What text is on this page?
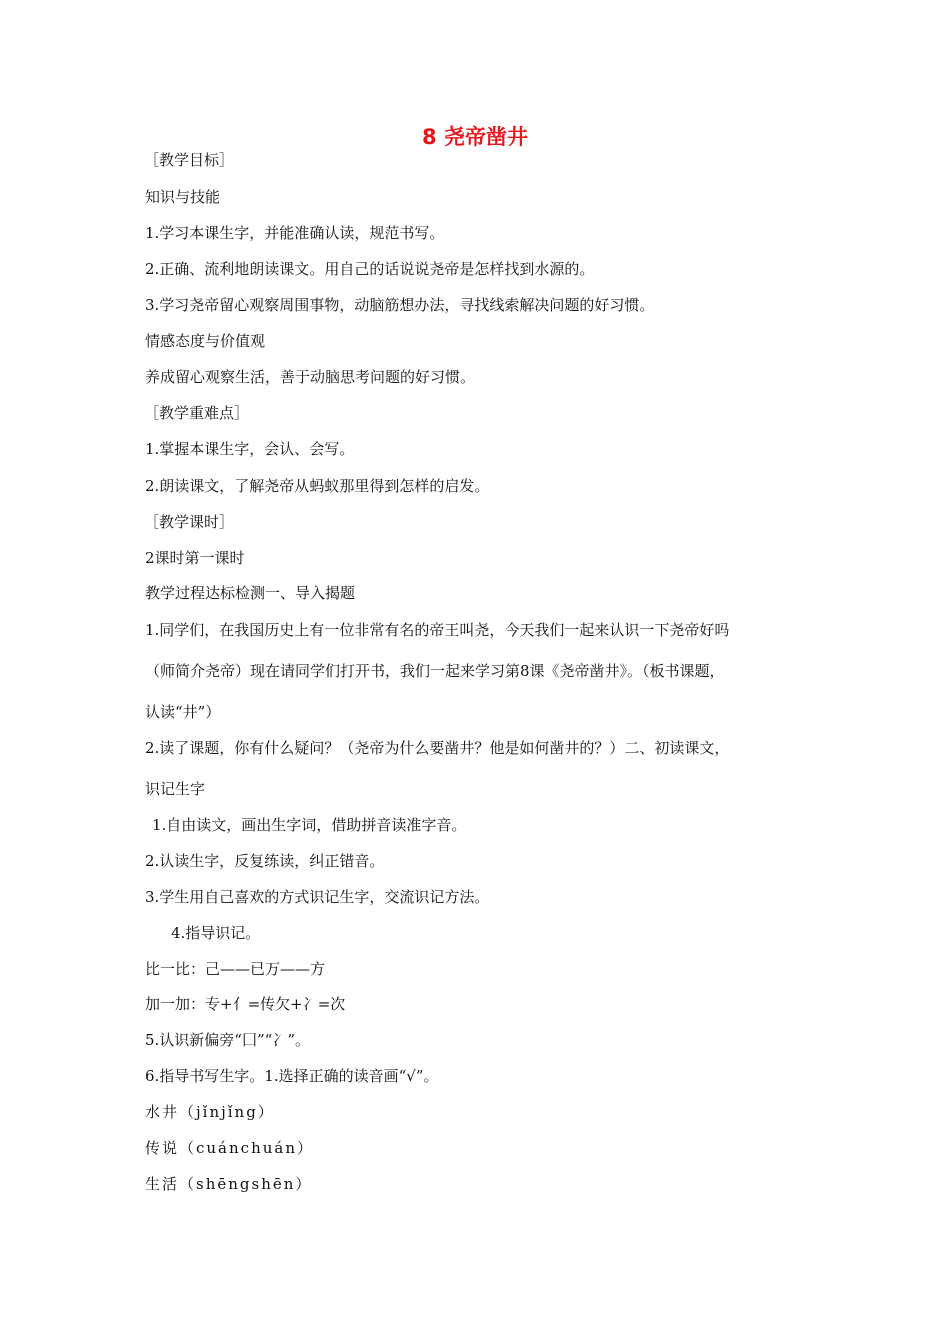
8 尧帝凿井
［教学目标］
知识与技能
1.学习本课生字，并能准确认读，规范书写。
2.正确、流利地朗读课文。用自己的话说说尧帝是怎样找到水源的。
3.学习尧帝留心观察周围事物，动脑筋想办法，寻找线索解决问题的好习惯。
情感态度与价值观
养成留心观察生活，善于动脑思考问题的好习惯。
［教学重难点］
1.掌握本课生字，会认、会写。
2.朗读课文，了解尧帝从蚂蚁那里得到怎样的启发。
［教学课时］
2课时第一课时
教学过程达标检测一、导入揭题
1.同学们，在我国历史上有一位非常有名的帝王叫尧，今天我们一起来认识一下尧帝好吗
（师简介尧帝）现在请同学们打开书，我们一起来学习第8课《尧帝凿井》。（板书课题，
认读“井”）
2.读了课题，你有什么疑问？（尧帝为什么要凿井？他是如何凿井的？）二、初读课文，
识记生字
1.自由读文，画出生字词，借助拼音读准字音。
2.认读生字，反复练读，纠正错音。
3.学生用自己喜欢的方式识记生字，交流识记方法。
4.指导识记。
比一比：己——已万——方
加一加：专+亻=传欠+冫=次
5.认识新偏旁“囗”“冫”。
6.指导书写生字。1.选择正确的读音画“√”。
水井（jǐnjǐng）
传说（cuánchuán）
生活（shēngshēn）
